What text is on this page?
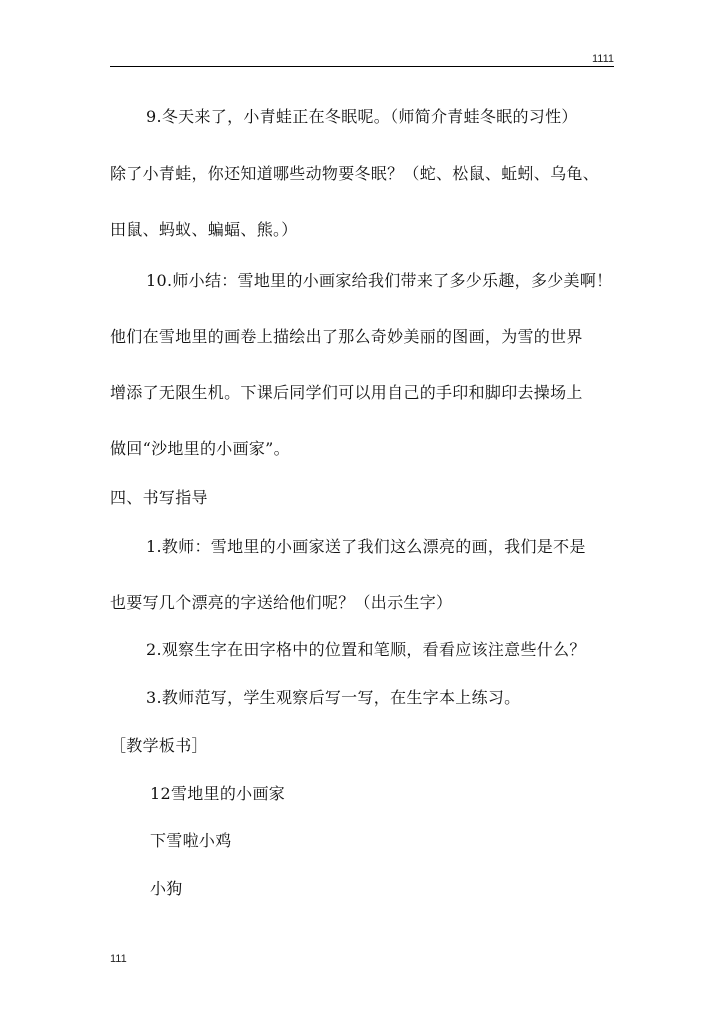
1111
9.冬天来了，小青蛙正在冬眠呢。（师简介青蛙冬眠的习性）
除了小青蛙，你还知道哪些动物要冬眠？（蛇、松鼠、蚯蚓、乌龟、
田鼠、蚂蚁、蝙蝠、熊。）
10.师小结：雪地里的小画家给我们带来了多少乐趣，多少美啊！
他们在雪地里的画卷上描绘出了那么奇妙美丽的图画，为雪的世界
增添了无限生机。下课后同学们可以用自己的手印和脚印去操场上
做回“沙地里的小画家”。
四、书写指导
1.教师：雪地里的小画家送了我们这么漂亮的画，我们是不是
也要写几个漂亮的字送给他们呢？（出示生字）
2.观察生字在田字格中的位置和笔顺，看看应该注意些什么？
3.教师范写，学生观察后写一写，在生字本上练习。
［教学板书］
12雪地里的小画家
下雪啦小鸡
小狗
111
